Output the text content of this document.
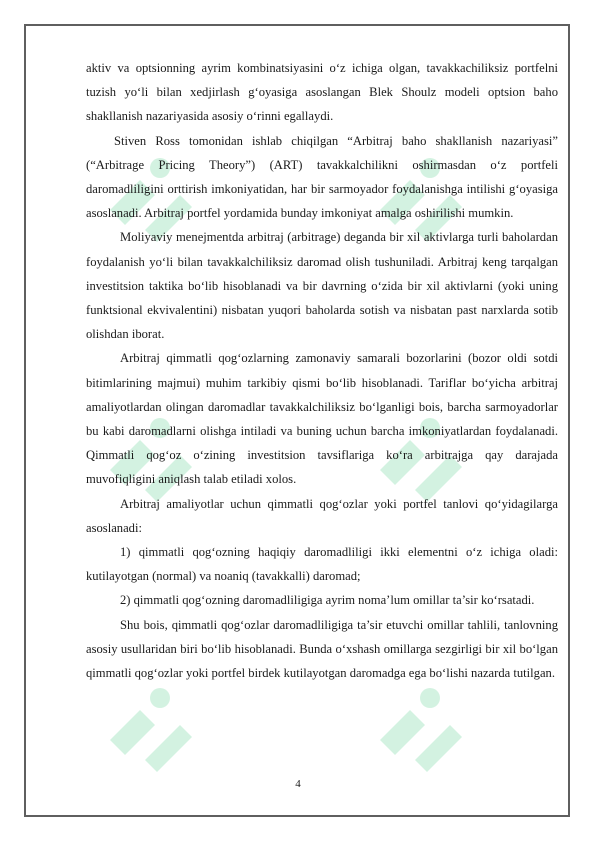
aktiv va optsionning ayrim kombinatsiyasini o‘z ichiga olgan, tavakkachiliksiz portfelni tuzish yo‘li bilan xedjirlash g‘oyasiga asoslangan Blek Shoulz modeli optsion baho shakllanish nazariyasida asosiy o‘rinni egallaydi.

Stiven Ross tomonidan ishlab chiqilgan “Arbitraj baho shakllanish nazariyasi” (“Arbitrage Pricing Theory”) (ART) tavakkalchilikni oshirmasdan o‘z portfeli daromadliligini orttirish imkoniyatidan, har bir sarmoyador foydalanishga intilishi g‘oyasiga asoslanadi. Arbitraj portfel yordamida bunday imkoniyat amalga oshirilishi mumkin.

Moliyaviy menejmentda arbitraj (arbitrage) deganda bir xil aktivlarga turli baholardan foydalanish yo‘li bilan tavakkalchiliksiz daromad olish tushuniladi. Arbitraj keng tarqalgan investitsion taktika bo‘lib hisoblanadi va bir davrning o‘zida bir xil aktivlarni (yoki uning funktsional ekvivalentini) nisbatan yuqori baholarda sotish va nisbatan past narxlarda sotib olishdan iborat.

Arbitraj qimmatli qog‘ozlarning zamonaviy samarali bozorlarini (bozor oldi sotdi bitimlarining majmui) muhim tarkibiy qismi bo‘lib hisoblanadi. Tariflar bo‘yicha arbitraj amaliyotlardan olingan daromadlar tavakkalchiliksiz bo‘lganligi bois, barcha sarmoyadorlar bu kabi daromadlarni olishga intiladi va buning uchun barcha imkoniyatlardan foydalanadi. Qimmatli qog‘oz o‘zining investitsion tavsiflariga ko‘ra arbitrajga qay darajada muvofiqligini aniqlash talab etiladi xolos.

Arbitraj amaliyotlar uchun qimmatli qog‘ozlar yoki portfel tanlovi qo‘yidagilarga asoslanadi:

1) qimmatli qog‘ozning haqiqiy daromadliligi ikki elementni o‘z ichiga oladi: kutilayotgan (normal) va noaniq (tavakkalli) daromad;

2) qimmatli qog‘ozning daromadliligiga ayrim noma’lum omillar ta’sir ko‘rsatadi.

Shu bois, qimmatli qog‘ozlar daromadliligiga ta’sir etuvchi omillar tahlili, tanlovning asosiy usullaridan biri bo‘lib hisoblanadi. Bunda o‘xshash omillarga sezgirligi bir xil bo‘lgan qimmatli qog‘ozlar yoki portfel birdek kutilayotgan daromadga ega bo‘lishi nazarda tutilgan.

4
